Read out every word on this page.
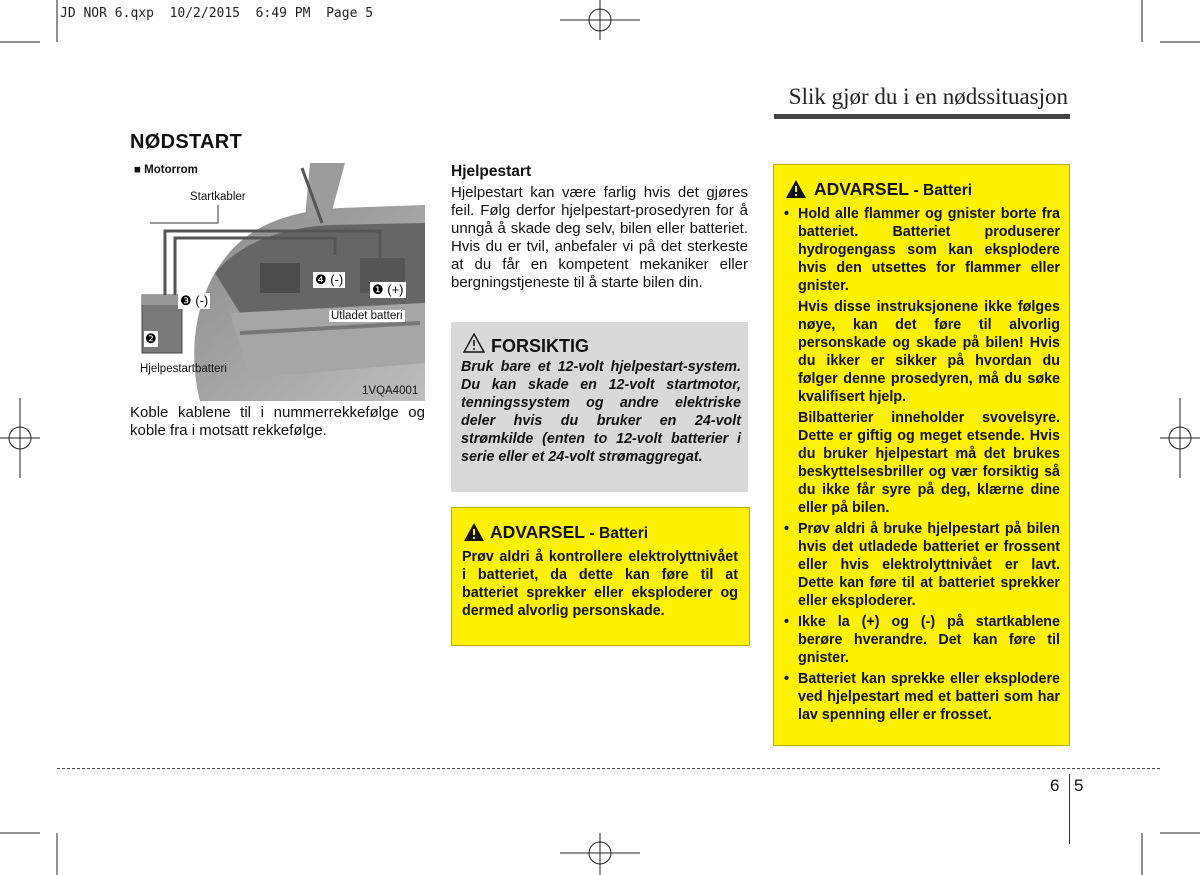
JD NOR 6.qxp  10/2/2015  6:49 PM  Page 5
Slik gjør du i en nødssituasjon
NØDSTART
■ Motorrom
Startkabler
Utladet batteri
Hjelpestartbatteri
1VQA4001
❶ (+)
❷
❸ (-)
❹ (-)
Koble kablene til i nummerrekkefølge og koble fra i motsatt rekkefølge.
Hjelpestart
Hjelpestart kan være farlig hvis det gjøres feil. Følg derfor hjelpestart-prosedyren for å unngå å skade deg selv, bilen eller batteriet. Hvis du er tvil, anbefaler vi på det sterkeste at du får en kompetent mekaniker eller bergningstjeneste til å starte bilen din.
FORSIKTIG
Bruk bare et 12-volt hjelpestart-system. Du kan skade en 12-volt startmotor, tenningssystem og andre elektriske deler hvis du bruker en 24-volt strømkilde (enten to 12-volt batterier i serie eller et 24-volt strømaggregat.
ADVARSEL - Batteri
Prøv aldri å kontrollere elektrolyttnivået i batteriet, da dette kan føre til at batteriet sprekker eller eksploderer og dermed alvorlig personskade.
ADVARSEL - Batteri
• Hold alle flammer og gnister borte fra batteriet. Batteriet produserer hydrogengass som kan eksplodere hvis den utsettes for flammer eller gnister.

Hvis disse instruksjonene ikke følges nøye, kan det føre til alvorlig personskade og skade på bilen! Hvis du ikker er sikker på hvordan du følger denne prosedyren, må du søke kvalifisert hjelp.

Bilbatterier inneholder svovelsyre. Dette er giftig og meget etsende. Hvis du bruker hjelpestart må det brukes beskyttelsesbriller og vær forsiktig så du ikke får syre på deg, klærne dine eller på bilen.

• Prøv aldri å bruke hjelpestart på bilen hvis det utladede batteriet er frossent eller hvis elektrolyttnivået er lavt. Dette kan føre til at batteriet sprekker eller eksploderer.
• Ikke la (+) og (-) på startkablene berøre hverandre. Det kan føre til gnister.
• Batteriet kan sprekke eller eksplodere ved hjelpestart med et batteri som har lav spenning eller er frosset.
6 5
